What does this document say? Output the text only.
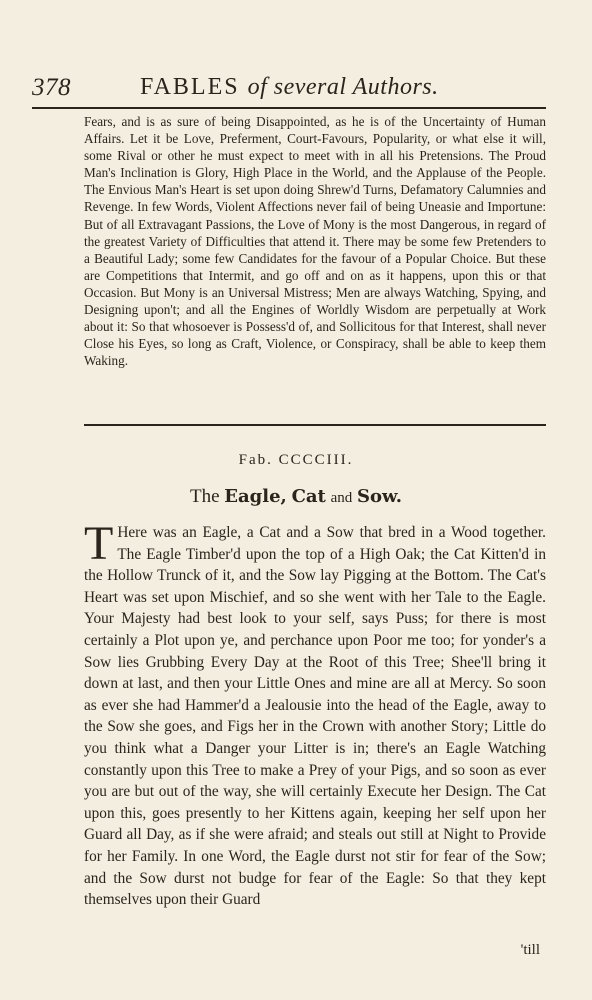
378	FABLES of several Authors.

Fears, and is as sure of being Disappointed, as he is of the Uncertainty of Human Affairs. Let it be Love, Preferment, Court-Favours, Popularity, or what else it will, some Rival or other he must expect to meet with in all his Pretensions. The Proud Man's Inclination is Glory, High Place in the World, and the Applause of the People. The Envious Man's Heart is set upon doing Shrew'd Turns, Defamatory Calumnies and Revenge. In few Words, Violent Affections never fail of being Uneasie and Importune: But of all Extravagant Passions, the Love of Mony is the most Dangerous, in regard of the greatest Variety of Difficulties that attend it. There may be some few Pretenders to a Beautiful Lady; some few Candidates for the favour of a Popular Choice. But these are Competitions that Intermit, and go off and on as it happens, upon this or that Occasion. But Mony is an Universal Mistress; Men are always Watching, Spying, and Designing upon't; and all the Engines of Worldly Wisdom are perpetually at Work about it: So that whosoever is Possess'd of, and Sollicitous for that Interest, shall never Close his Eyes, so long as Craft, Violence, or Conspiracy, shall be able to keep them Waking.

Fab. CCCCIII.
The Eagle, Cat and Sow.
T Here was an Eagle, a Cat and a Sow that bred in a Wood together. The Eagle Timber'd upon the top of a High Oak; the Cat Kitten'd in the Hollow Trunck of it, and the Sow lay Pigging at the Bottom. The Cat's Heart was set upon Mischief, and so she went with her Tale to the Eagle. Your Majesty had best look to your self, says Puss; for there is most certainly a Plot upon ye, and perchance upon Poor me too; for yonder's a Sow lies Grubbing Every Day at the Root of this Tree; Shee'll bring it down at last, and then your Little Ones and mine are all at Mercy. So soon as ever she had Hammer'd a Jealousie into the head of the Eagle, away to the Sow she goes, and Figs her in the Crown with another Story; Little do you think what a Danger your Litter is in; there's an Eagle Watching constantly upon this Tree to make a Prey of your Pigs, and so soon as ever you are but out of the way, she will certainly Execute her Design. The Cat upon this, goes presently to her Kittens again, keeping her self upon her Guard all Day, as if she were afraid; and steals out still at Night to Provide for her Family. In one Word, the Eagle durst not stir for fear of the Sow; and the Sow durst not budge for fear of the Eagle: So that they kept themselves upon their Guard

'till
